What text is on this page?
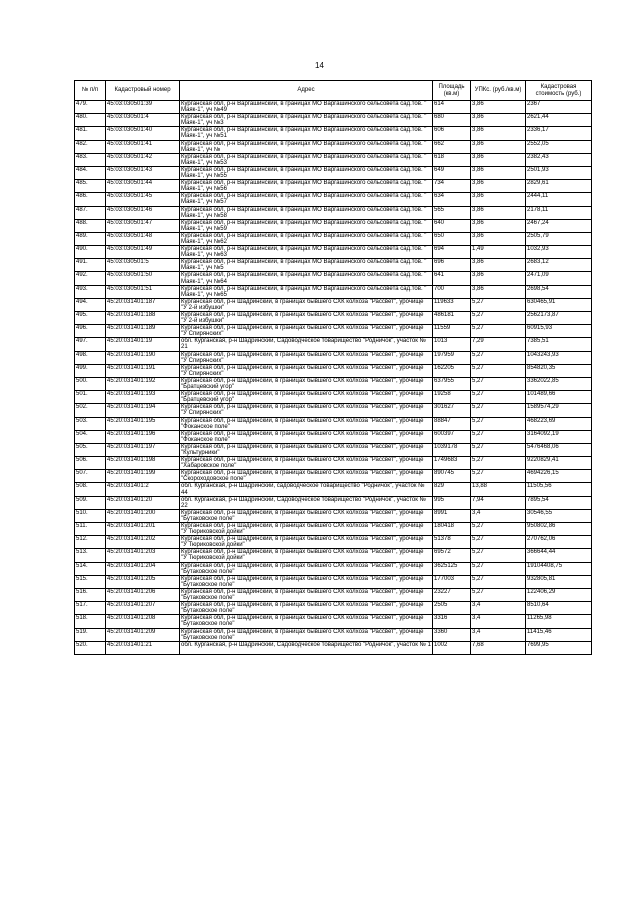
14
№ п/п	Кадастровый номер	Адрес	Площадь (кв.м)	УПКс. (руб./кв.м)	Кадастровая стоимость (руб.)
479.	45:03:030501:39	Курганская обл, р-н Варгашинский, в границах МО Варгашинского сельсовета сад.тов. " Маяк-1", уч №49	614	3,86	2367
480.	45:03:030501:4	Курганская обл, р-н Варгашинский, в границах МО Варгашинского сельсовета сад.тов. " Маяк-1", уч №3	680	3,86	2621,44
481.	45:03:030501:40	Курганская обл, р-н Варгашинский, в границах МО Варгашинского сельсовета сад.тов. " Маяк-1", уч №51	606	3,86	2336,17
482.	45:03:030501:41	Курганская обл, р-н Варгашинский, в границах МО Варгашинского сельсовета сад.тов. " Маяк-1", уч №	662	3,86	2552,05
483.	45:03:030501:42	Курганская обл, р-н Варгашинский, в границах МО Варгашинского сельсовета сад.тов. " Маяк-1", уч №53	618	3,86	2382,43
484.	45:03:030501:43	Курганская обл, р-н Варгашинский, в границах МО Варгашинского сельсовета сад.тов. " Маяк-1", уч №55	649	3,86	2501,93
485.	45:03:030501:44	Курганская обл, р-н Варгашинский, в границах МО Варгашинского сельсовета сад.тов. " Маяк-1", уч №56	734	3,86	2829,61
486.	45:03:030501:45	Курганская обл, р-н Варгашинский, в границах МО Варгашинского сельсовета сад.тов. " Маяк-1", уч №57	634	3,86	2444,11
487.	45:03:030501:46	Курганская обл, р-н Варгашинский, в границах МО Варгашинского сельсовета сад.тов. " Маяк-1", уч №58	565	3,86	2178,11
488.	45:03:030501:47	Курганская обл, р-н Варгашинский, в границах МО Варгашинского сельсовета сад.тов. " Маяк-1", уч №59	640	3,86	2467,24
489.	45:03:030501:48	Курганская обл, р-н Варгашинский, в границах МО Варгашинского сельсовета сад.тов. " Маяк-1", уч №62	650	3,86	2505,79
490.	45:03:030501:49	Курганская обл, р-н Варгашинский, в границах МО Варгашинского сельсовета сад.тов. " Маяк-1", уч №63	694	1,49	1032,93
491.	45:03:030501:5	Курганская обл, р-н Варгашинский, в границах МО Варгашинского сельсовета сад.тов. " Маяк-1", уч №5	696	3,86	2683,12
492.	45:03:030501:50	Курганская обл, р-н Варгашинский, в границах МО Варгашинского сельсовета сад.тов. " Маяк-1", уч №64	641	3,86	2471,09
493.	45:03:030501:51	Курганская обл, р-н Варгашинский, в границах МО Варгашинского сельсовета сад.тов. " Маяк-1", уч №65	700	3,86	2698,54
494.	45:20:031401:187	Курганская обл, р-н Шадринский, в границах бывшего СХК колхоза "Рассвет", урочище "У 2-й избушки"	119633	5,27	630465,91
495.	45:20:031401:188	Курганская обл, р-н Шадринский, в границах бывшего СХК колхоза "Рассвет", урочище "У 2-й избушки"	486181	5,27	2562173,87
496.	45:20:031401:189	Курганская обл, р-н Шадринский, в границах бывшего СХК колхоза "Рассвет", урочище "У Спирянских"	11559	5,27	60915,93
497.	45:20:031401:19	обл. Курганская, р-н Шадринский, Садоводческое товарищество "Родничок", участок № 21	1013	7,29	7385,51
498.	45:20:031401:190	Курганская обл, р-н Шадринский, в границах бывшего СХК колхоза "Рассвет", урочище "У Спирянских"	197959	5,27	1043243,93
499.	45:20:031401:191	Курганская обл, р-н Шадринский, в границах бывшего СХК колхоза "Рассвет", урочище "У Спирянских"	162205	5,27	854820,35
500.	45:20:031401:192	Курганская обл, р-н Шадринский, в границах бывшего СХК колхоза "Рассвет", урочище "Братцевский угор"	637955	5,27	3362022,85
501.	45:20:031401:193	Курганская обл, р-н Шадринский, в границах бывшего СХК колхоза "Рассвет", урочище "Братцевский угор"	19258	5,27	101489,66
502.	45:20:031401:194	Курганская обл, р-н Шадринский, в границах бывшего СХК колхоза "Рассвет", урочище "У Спирянских"	301627	5,27	1589574,29
503.	45:20:031401:195	Курганская обл, р-н Шадринский, в границах бывшего СХК колхоза "Рассвет", урочище "Фоканское поле"	88847	5,27	468223,69
504.	45:20:031401:196	Курганская обл, р-н Шадринский, в границах бывшего СХК колхоза "Рассвет", урочище "Фоканское поле"	600397	5,27	3164092,19
505.	45:20:031401:197	Курганская обл, р-н Шадринский, в границах бывшего СХК колхоза "Рассвет", урочище "Культурники"	1039178	5,27	5476468,06
506.	45:20:031401:198	Курганская обл, р-н Шадринский, в границах бывшего СХК колхоза "Рассвет", урочище "Хабаровское поле"	1749683	5,27	9220829,41
507.	45:20:031401:199	Курганская обл, р-н Шадринский, в границах бывшего СХК колхоза "Рассвет", урочище "Скороходовское поле"	890745	5,27	4694226,15
508.	45:20:031401:2	обл. Курганская, р-н Шадринский, садоводческое товарищество "Родничок", участок № 44	829	13,88	11505,56
509.	45:20:031401:20	обл. Курганская, р-н Шадринский, Садоводческое товарищество "Родничок", участок № 22	995	7,94	7895,54
510.	45:20:031401:200	Курганская обл, р-н Шадринский, в границах бывшего СХК колхоза "Рассвет", урочище "Бутаковское поле"	8991	3,4	30546,55
511.	45:20:031401:201	Курганская обл, р-н Шадринский, в границах бывшего СХК колхоза "Рассвет", урочище "У Тюриковской дойки"	180418	5,27	950802,86
512.	45:20:031401:202	Курганская обл, р-н Шадринский, в границах бывшего СХК колхоза "Рассвет", урочище "У Тюриковской дойки"	51378	5,27	270762,06
513.	45:20:031401:203	Курганская обл, р-н Шадринский, в границах бывшего СХК колхоза "Рассвет", урочище "У Тюриковской дойки"	69572	5,27	366644,44
514.	45:20:031401:204	Курганская обл, р-н Шадринский, в границах бывшего СХК колхоза "Рассвет", урочище "Бутаковское поле"	3625125	5,27	19104408,75
515.	45:20:031401:205	Курганская обл, р-н Шадринский, в границах бывшего СХК колхоза "Рассвет", урочище "Бутаковское поле"	177003	5,27	932805,81
516.	45:20:031401:206	Курганская обл, р-н Шадринский, в границах бывшего СХК колхоза "Рассвет", урочище "Бутаковское поле"	23227	5,27	122406,29
517.	45:20:031401:207	Курганская обл, р-н Шадринский, в границах бывшего СХК колхоза "Рассвет", урочище "Бутаковское поле"	2505	3,4	8510,64
518.	45:20:031401:208	Курганская обл, р-н Шадринский, в границах бывшего СХК колхоза "Рассвет", урочище "Бутаковское поле"	3316	3,4	11265,98
519.	45:20:031401:209	Курганская обл, р-н Шадринский, в границах бывшего СХК колхоза "Рассвет", урочище "Бутаковское поле"	3360	3,4	11415,46
520.	45:20:031401:21	обл. Курганская, р-н Шадринский, Садоводческое товарищество "Родничок", участок № 1	1002	7,68	7699,95
